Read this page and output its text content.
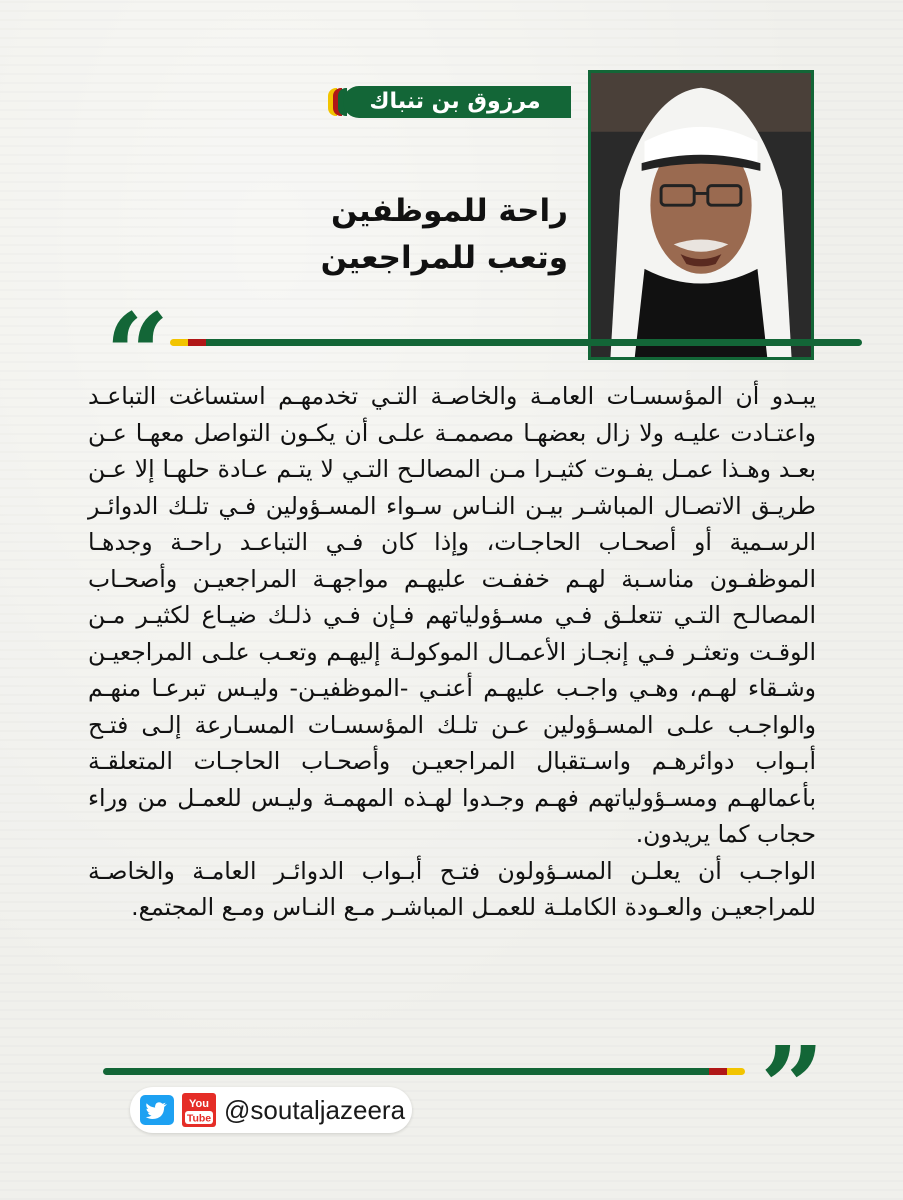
مرزوق بن تنباك
راحة للموظفين
وتعب للمراجعين
“

يبـدو أن المؤسسـات العامـة والخاصـة التـي تخدمهـم استساغت التباعـد واعتـادت عليـه ولا زال بعضهـا مصممـة علـى أن يكـون التواصل معهـا عـن بعـد وهـذا عمـل يفـوت كثيـرا مـن المصالـح التـي لا يتـم عـادة حلهـا إلا عـن طريـق الاتصـال المباشـر بيـن النـاس سـواء المسـؤولين فـي تلـك الدوائـر الرسـمية أو أصحـاب الحاجـات، وإذا كان فـي التباعـد راحـة وجدهـا الموظفـون مناسـبة لهـم خففـت عليهـم مواجهـة المراجعيـن وأصحـاب المصالـح التـي تتعلـق فـي مسـؤولياتهم فـإن فـي ذلـك ضيـاع لكثيـر مـن الوقـت وتعثـر فـي إنجـاز الأعمـال الموكولـة إليهـم وتعـب علـى المراجعيـن وشـقاء لهـم، وهـي واجـب عليهـم أعنـي -الموظفيـن- وليـس تبرعـا منهـم والواجـب علـى المسـؤولين عـن تلـك المؤسسـات المسـارعة إلـى فتـح أبـواب دوائرهـم واسـتقبال المراجعيـن وأصحـاب الحاجـات المتعلقـة بأعمالهـم ومسـؤولياتهم فهـم وجـدوا لهـذه المهمـة وليـس للعمـل من وراء حجاب كما يريدون.

الواجـب أن يعلـن المسـؤولون فتـح أبـواب الدوائـر العامـة والخاصـة للمراجعيـن والعـودة الكاملـة للعمـل المباشـر مـع النـاس ومـع المجتمع.

”
You
Tube @soutaljazeera
